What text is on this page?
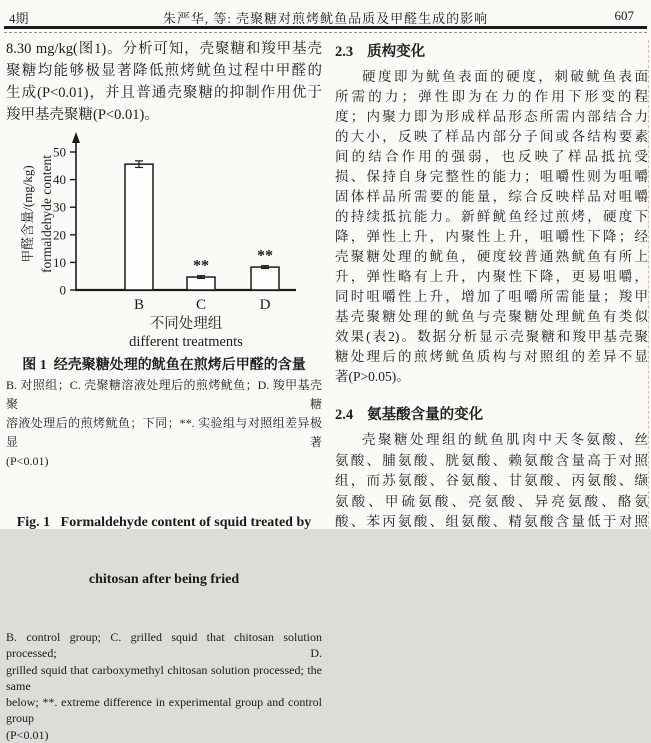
4期	朱严华, 等: 壳聚糖对煎烤鱿鱼品质及甲醛生成的影响	607
8.30 mg/kg(图1)。分析可知，壳聚糖和羧甲基壳
聚糖均能够极显著降低煎烤鱿鱼过程中甲醛的
生成(P<0.01)，并且普通壳聚糖的抑制作用优于
羧甲基壳聚糖(P<0.01)。
0
10
20
30
40
50
B
**
C
**
D
不同处理组
different treatments
甲醛含量/(mg/kg) formaldehyde content
图 1  经壳聚糖处理的鱿鱼在煎烤后甲醛的含量
B. 对照组；C. 壳聚糖溶液处理后的煎烤鱿鱼；D. 羧甲基壳聚糖
溶液处理后的煎烤鱿鱼；下同；**. 实验组与对照组差异极显著
(P<0.01)

Fig. 1   Formaldehyde content of squid treated by

chitosan after being fried

B. control group; C. grilled squid that chitosan solution processed; D.
grilled squid that carboxymethyl chitosan solution processed; the same
below; **. extreme difference in experimental group and control group
(P<0.01)
2.3 质构变化
硬度即为鱿鱼表面的硬度，刺破鱿鱼表面
所需的力；弹性即为在力的作用下形变的程
度；内聚力即为形成样品形态所需内部结合力
的大小，反映了样品内部分子间或各结构要素
间的结合作用的强弱，也反映了样品抵抗受
损、保持自身完整性的能力；咀嚼性则为咀嚼
固体样品所需要的能量，综合反映样品对咀嚼
的持续抵抗能力。新鲜鱿鱼经过煎烤，硬度下
降，弹性上升，内聚性上升，咀嚼性下降；经
壳聚糖处理的鱿鱼，硬度较普通熟鱿鱼有所上
升，弹性略有上升，内聚性下降，更易咀嚼，
同时咀嚼性上升，增加了咀嚼所需能量；羧甲
基壳聚糖处理的鱿鱼与壳聚糖处理鱿鱼有类似
效果(表2)。数据分析显示壳聚糖和羧甲基壳聚
糖处理后的煎烤鱿鱼质构与对照组的差异不显
著(P>0.05)。
2.4 氨基酸含量的变化
壳聚糖处理组的鱿鱼肌肉中天冬氨酸、丝
氨酸、脯氨酸、胱氨酸、赖氨酸含量高于对照
组，而苏氨酸、谷氨酸、甘氨酸、丙氨酸、缬
氨酸、甲硫氨酸、亮氨酸、异亮氨酸、酪氨
酸、苯丙氨酸、组氨酸、精氨酸含量低于对照
